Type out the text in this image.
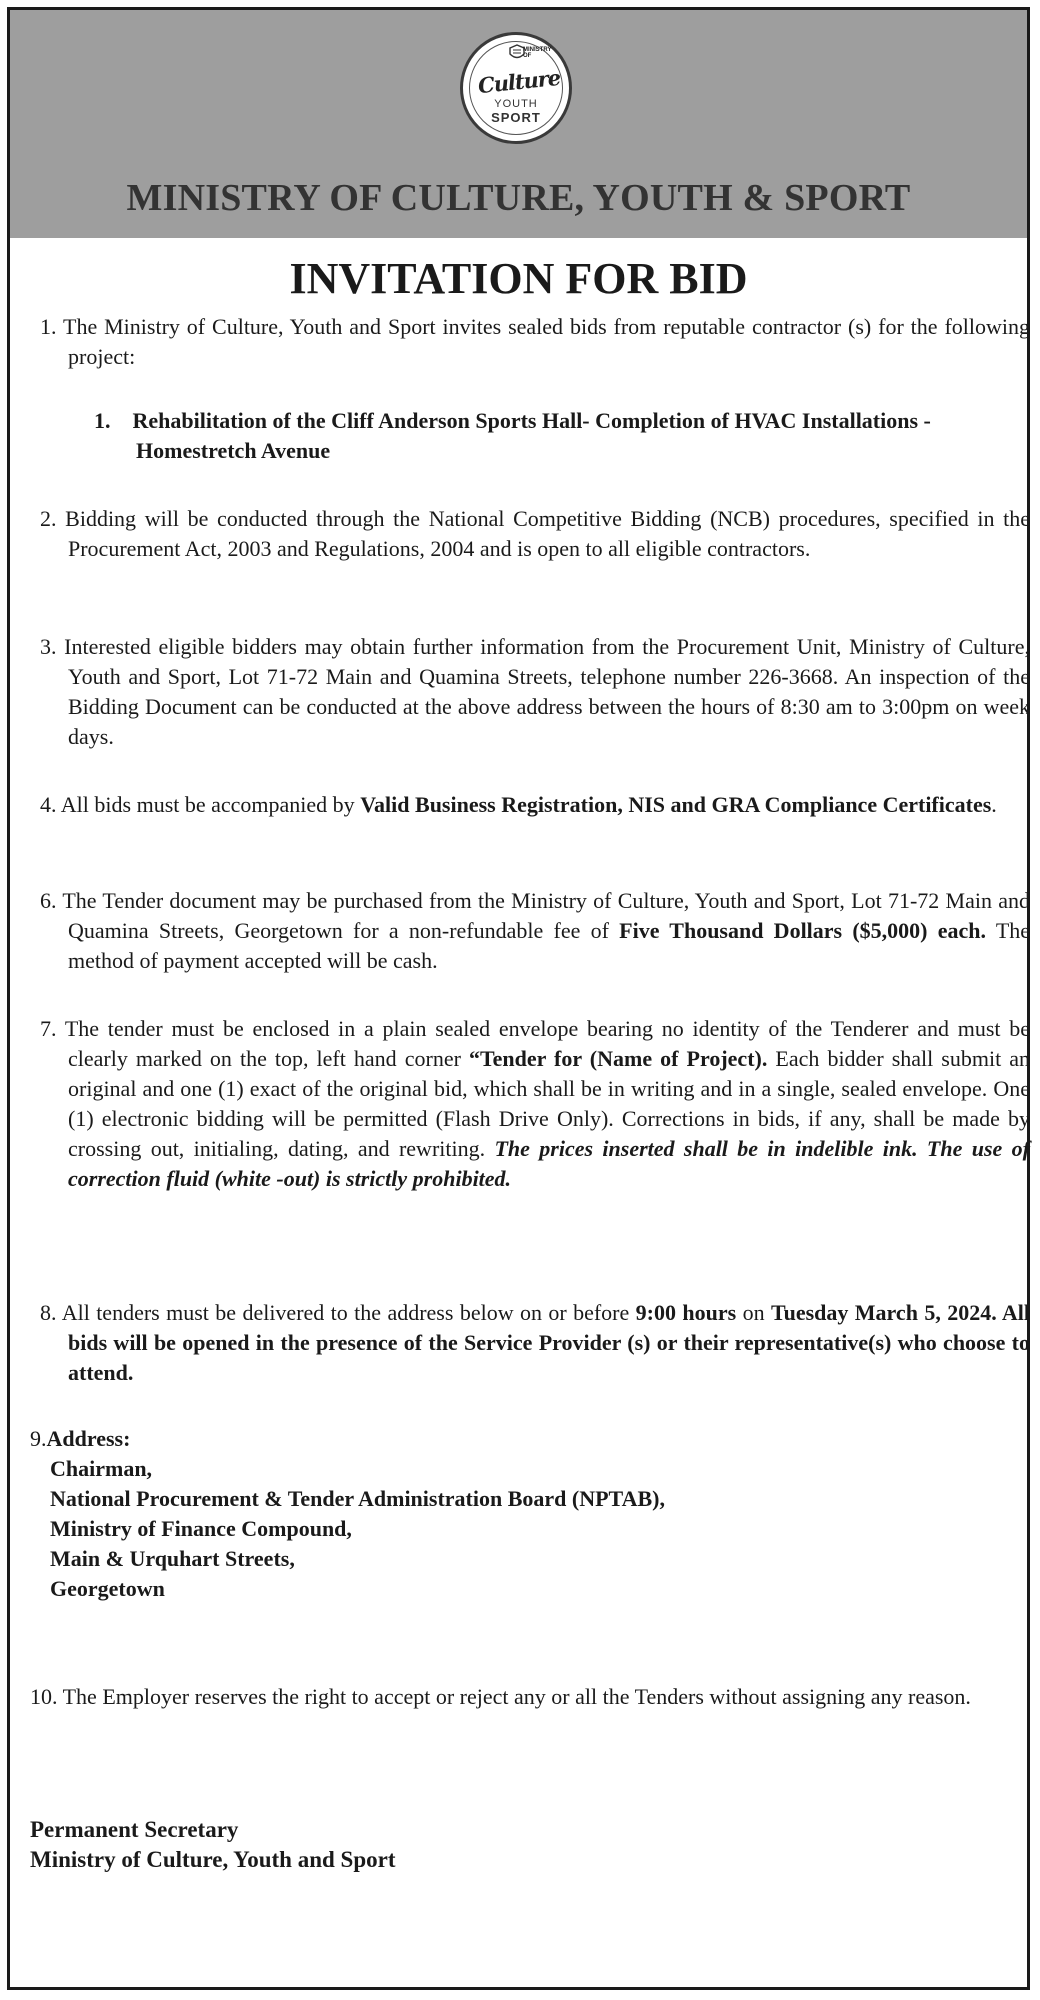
MINISTRY
OF
Culture
YOUTH
SPORT
MINISTRY OF CULTURE, YOUTH & SPORT
INVITATION FOR BID
1. The Ministry of Culture, Youth and Sport invites sealed bids from reputable contractor (s) for the following project:
1. Rehabilitation of the Cliff Anderson Sports Hall- Completion of HVAC Installations - Homestretch Avenue
2. Bidding will be conducted through the National Competitive Bidding (NCB) procedures, specified in the Procurement Act, 2003 and Regulations, 2004 and is open to all eligible contractors.
3. Interested eligible bidders may obtain further information from the Procurement Unit, Ministry of Culture, Youth and Sport, Lot 71-72 Main and Quamina Streets, telephone number 226-3668. An inspection of the Bidding Document can be conducted at the above address between the hours of 8:30 am to 3:00pm on week days.
4. All bids must be accompanied by Valid Business Registration, NIS and GRA Compliance Certificates.
6. The Tender document may be purchased from the Ministry of Culture, Youth and Sport, Lot 71-72 Main and Quamina Streets, Georgetown for a non-refundable fee of Five Thousand Dollars ($5,000) each. The method of payment accepted will be cash.
7. The tender must be enclosed in a plain sealed envelope bearing no identity of the Tenderer and must be clearly marked on the top, left hand corner “Tender for (Name of Project). Each bidder shall submit an original and one (1) exact of the original bid, which shall be in writing and in a single, sealed envelope. One (1) electronic bidding will be permitted (Flash Drive Only). Corrections in bids, if any, shall be made by crossing out, initialing, dating, and rewriting. The prices inserted shall be in indelible ink. The use of correction fluid (white -out) is strictly prohibited.
8. All tenders must be delivered to the address below on or before 9:00 hours on Tuesday March 5, 2024. All bids will be opened in the presence of the Service Provider (s) or their representative(s) who choose to attend.
9.Address:
Chairman,
National Procurement & Tender Administration Board (NPTAB),
Ministry of Finance Compound,
Main & Urquhart Streets,
Georgetown
10. The Employer reserves the right to accept or reject any or all the Tenders without assigning any reason.
Permanent Secretary
Ministry of Culture, Youth and Sport
